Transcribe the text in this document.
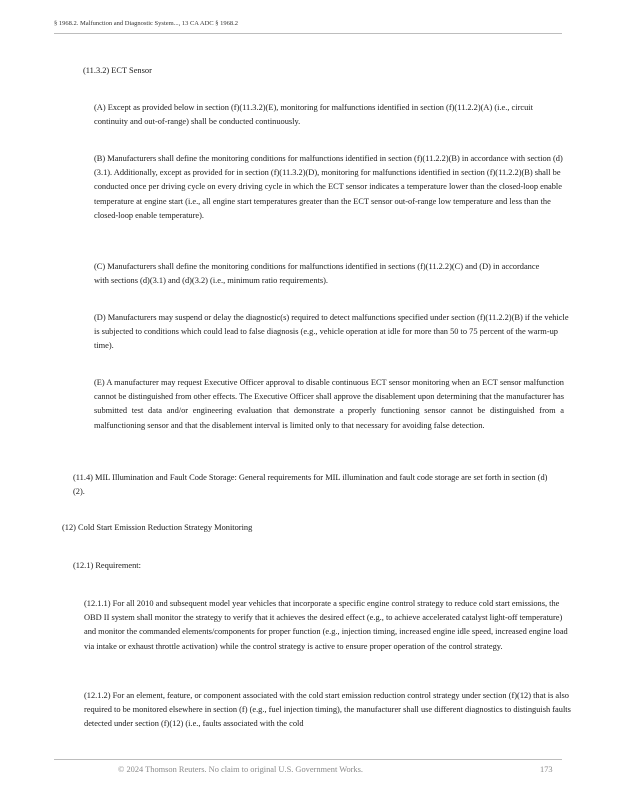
§ 1968.2. Malfunction and Diagnostic System..., 13 CA ADC § 1968.2

(11.3.2) ECT Sensor

(A) Except as provided below in section (f)(11.3.2)(E), monitoring for malfunctions identified in section (f)(11.2.2)(A) (i.e., circuit continuity and out-of-range) shall be conducted continuously.

(B) Manufacturers shall define the monitoring conditions for malfunctions identified in section (f)(11.2.2)(B) in accordance with section (d)(3.1). Additionally, except as provided for in section (f)(11.3.2)(D), monitoring for malfunctions identified in section (f)(11.2.2)(B) shall be conducted once per driving cycle on every driving cycle in which the ECT sensor indicates a temperature lower than the closed-loop enable temperature at engine start (i.e., all engine start temperatures greater than the ECT sensor out-of-range low temperature and less than the closed-loop enable temperature).

(C) Manufacturers shall define the monitoring conditions for malfunctions identified in sections (f)(11.2.2)(C) and (D) in accordance with sections (d)(3.1) and (d)(3.2) (i.e., minimum ratio requirements).

(D) Manufacturers may suspend or delay the diagnostic(s) required to detect malfunctions specified under section (f)(11.2.2)(B) if the vehicle is subjected to conditions which could lead to false diagnosis (e.g., vehicle operation at idle for more than 50 to 75 percent of the warm-up time).

(E) A manufacturer may request Executive Officer approval to disable continuous ECT sensor monitoring when an ECT sensor malfunction cannot be distinguished from other effects. The Executive Officer shall approve the disablement upon determining that the manufacturer has submitted test data and/or engineering evaluation that demonstrate a properly functioning sensor cannot be distinguished from a malfunctioning sensor and that the disablement interval is limited only to that necessary for avoiding false detection.

(11.4) MIL Illumination and Fault Code Storage: General requirements for MIL illumination and fault code storage are set forth in section (d)(2).

(12) Cold Start Emission Reduction Strategy Monitoring

(12.1) Requirement:

(12.1.1) For all 2010 and subsequent model year vehicles that incorporate a specific engine control strategy to reduce cold start emissions, the OBD II system shall monitor the strategy to verify that it achieves the desired effect (e.g., to achieve accelerated catalyst light-off temperature) and monitor the commanded elements/components for proper function (e.g., injection timing, increased engine idle speed, increased engine load via intake or exhaust throttle activation) while the control strategy is active to ensure proper operation of the control strategy.

(12.1.2) For an element, feature, or component associated with the cold start emission reduction control strategy under section (f)(12) that is also required to be monitored elsewhere in section (f) (e.g., fuel injection timing), the manufacturer shall use different diagnostics to distinguish faults detected under section (f)(12) (i.e., faults associated with the cold

© 2024 Thomson Reuters. No claim to original U.S. Government Works.	173
